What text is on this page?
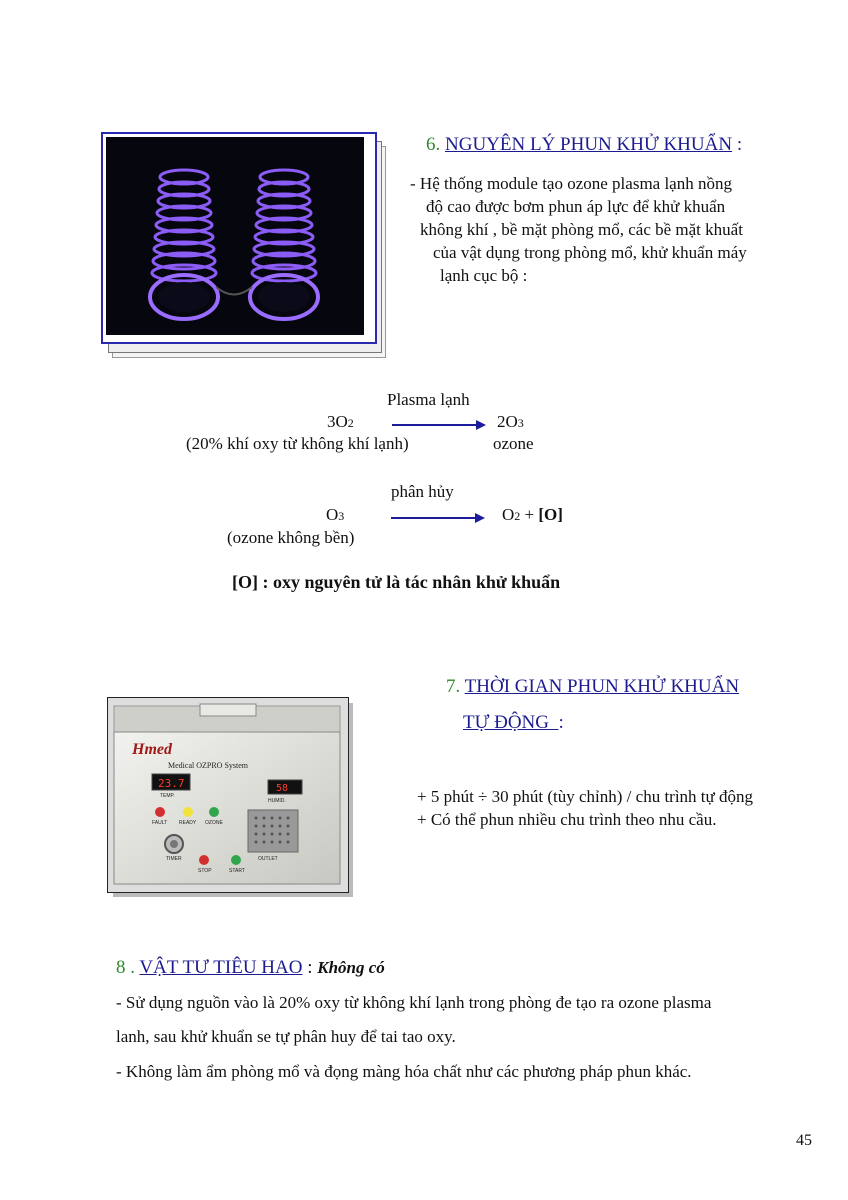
6. NGUYÊN LÝ PHUN KHỬ KHUẨN :
- Hệ thống module tạo ozone plasma lạnh nồng
độ cao được bơm phun áp lực để khử khuẩn
không khí , bề mặt phòng mổ, các bề mặt khuất
của vật dụng trong phòng mổ, khử khuẩn máy
lạnh cục bộ :
Plasma lạnh
3O2	2O3
(20% khí oxy từ không khí lạnh)	ozone
phân hủy
O3	O2 + [O]
(ozone không bền)
[O] : oxy nguyên tử là tác nhân khử khuẩn
Hmed
Medical OZPRO System
23.7
TEMP.
58
HUMID.
FAULT READY OZONE
OUTLET
TIMER
STOP	START
7. THỜI GIAN PHUN KHỬ KHUẨN
TỰ ĐỘNG :
+ 5 phút ÷ 30 phút (tùy chỉnh) / chu trình tự động
+ Có thể phun nhiều chu trình theo nhu cầu.
8 . VẬT TƯ TIÊU HAO : Không có
- Sử dụng nguồn vào là 20% oxy từ không khí lạnh trong phòng đe tạo ra ozone plasma
lanh, sau khử khuẩn se tự phân huy để tai tao oxy.
- Không làm ẩm phòng mổ và đọng màng hóa chất như các phương pháp phun khác.
45
